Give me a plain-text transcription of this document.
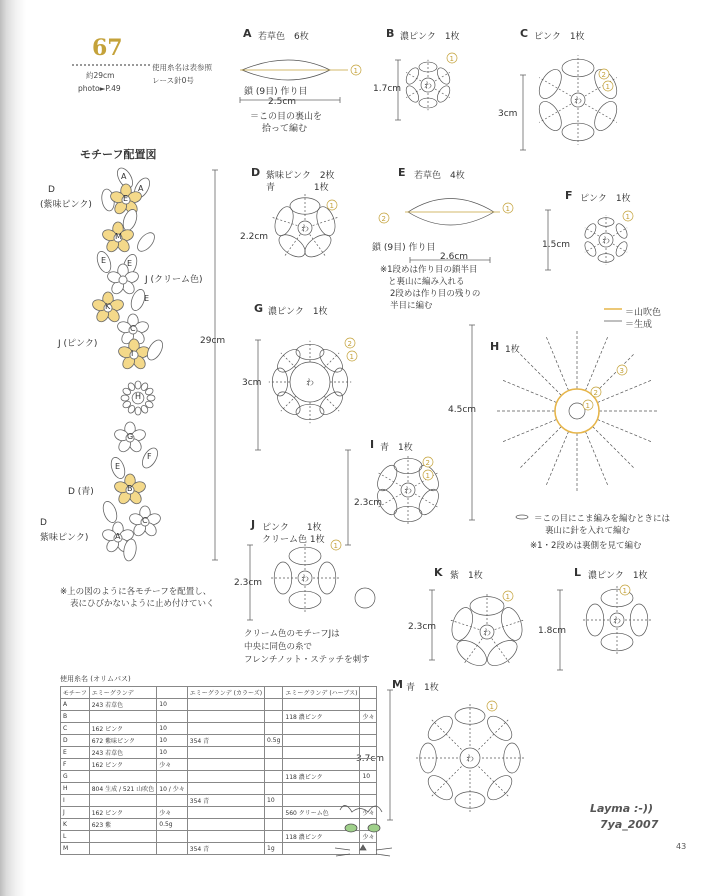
67
約29cm
photo►P.49
使用糸名は表参照
レース針0号
モチーフ配置図
1
わ
1
わ
2
1
わ
1
2
1
わ
1
わ
2
1
3
2
1
わ
2
1
わ
1
わ
1
わ
1
わ
1
D
(紫味ピンク)
J (クリーム色)
J (ピンク)
D (青)
D
紫味ピンク)
29cm
※上の図のように各モチーフを配置し、
表にひびかないように止め付けていく
A
A
E
M
E
E
K
E
C
I
H
G
F
E
B
C
A
A 若草色　6枚
鎖 (9目) 作り目
2.5cm
＝この目の裏山を
拾って編む
B 濃ピンク　1枚
1.7cm
C ピンク　1枚
3cm
D 紫味ピンク　2枚
青　　　　 1枚
2.2cm
E 若草色　4枚
鎖 (9目) 作り目
2.6cm
※1段めは作り目の鎖半目
と裏山に編み入れる
2段めは作り目の残りの
半目に編む
F ピンク　1枚
1.5cm
G 濃ピンク　1枚
3cm
H 1枚
4.5cm
＝山吹色
＝生成
＝この目にこま編みを編むときには
裏山に針を入れて編む
※1・2段めは裏側を見て編む
I 青　1枚
2.3cm
J ピンク　　1枚
クリーム色 1枚
2.3cm
クリーム色のモチーフJは
中央に同色の糸で
フレンチノット・ステッチを刺す
K 紫　1枚
2.3cm
L 濃ピンク　1枚
1.8cm
M 青　1枚
3.7cm
使用糸名 (オリムパス)
モチーフ	エミーグランデ		エミーグランデ (カラーズ)		エミーグランデ (ハーブス)	
A	243 若草色	10				
B					118 濃ピンク	少々
C	162 ピンク	10				
D	672 紫味ピンク	10	354 青	0.5g		
E	243 若草色	10				
F	162 ピンク	少々				
G					118 濃ピンク	10
H	804 生成 / 521 山吹色	10 / 少々				
I			354 青	10		
J	162 ピンク	少々			560 クリーム色	少々
K	623 紫	0.5g				
L					118 濃ピンク	少々
M			354 青	1g		
Layma :-))
7ya_2007
43
